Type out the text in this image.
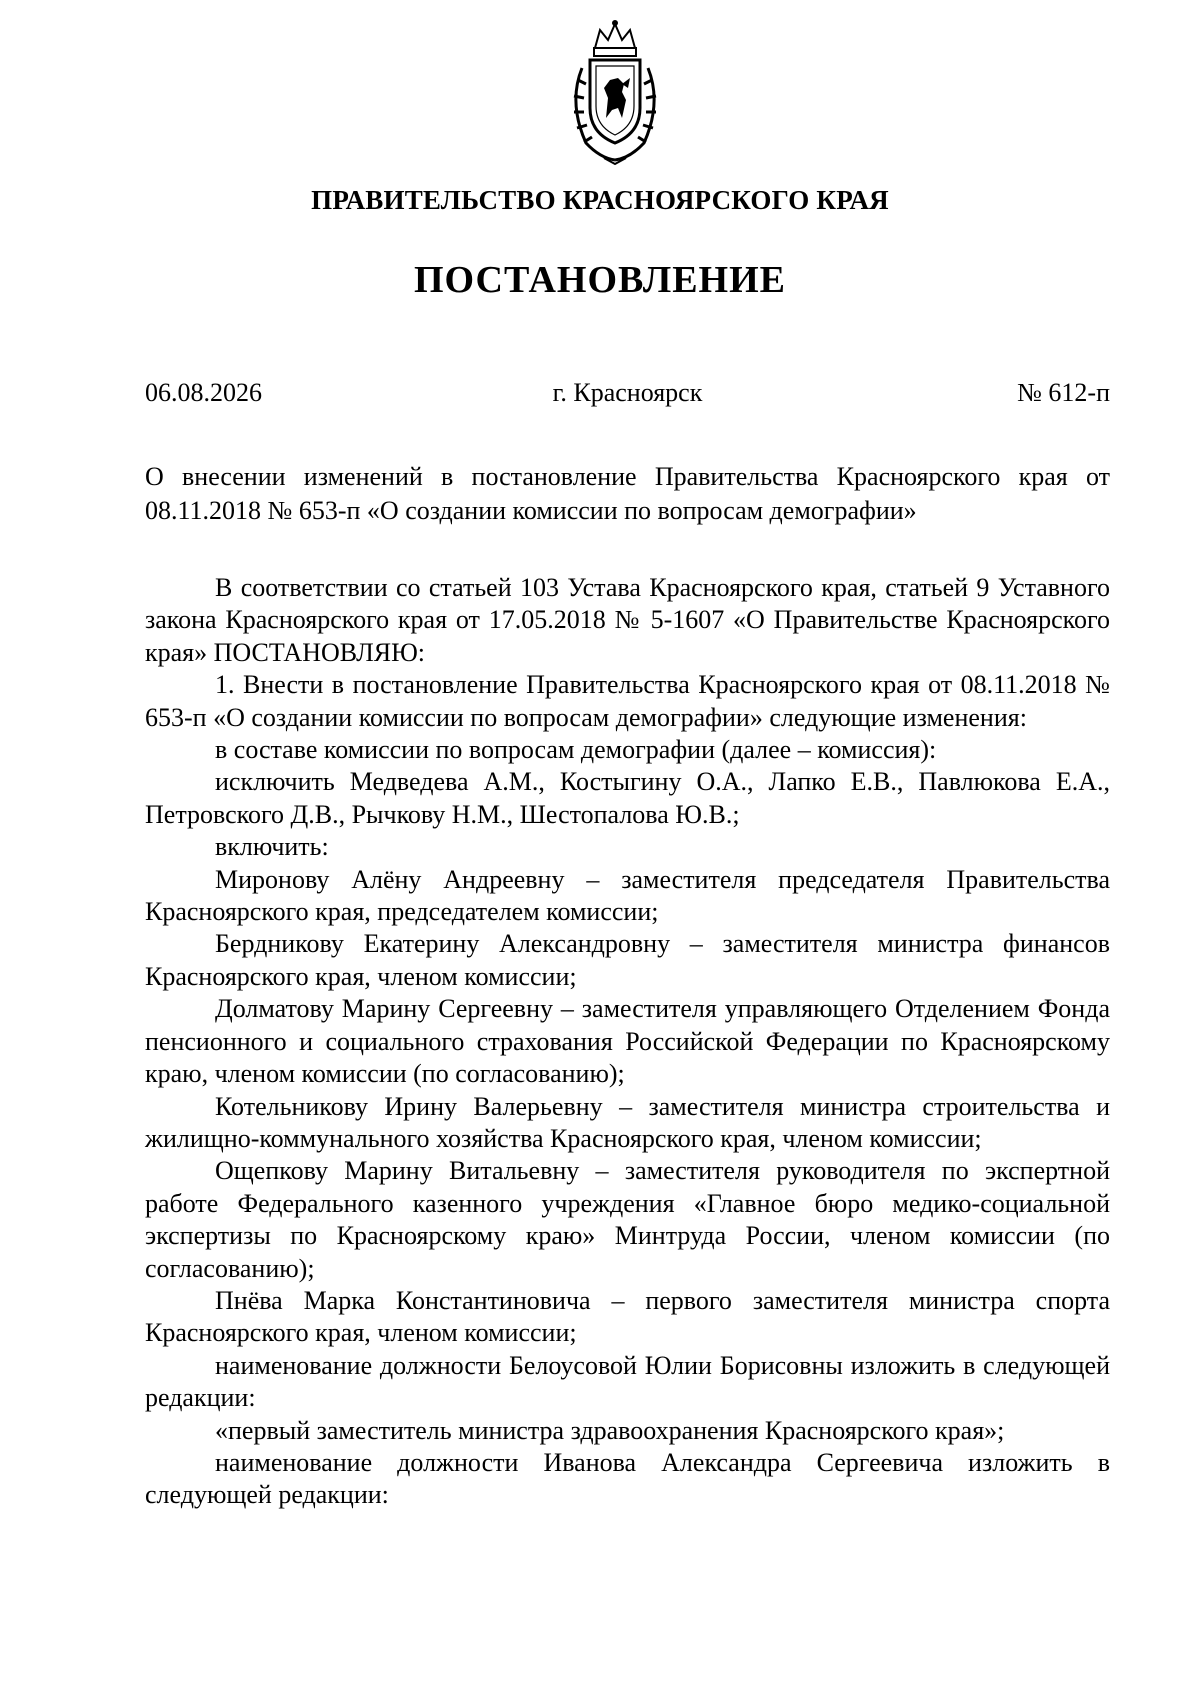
ПРАВИТЕЛЬСТВО КРАСНОЯРСКОГО КРАЯ
ПОСТАНОВЛЕНИЕ
06.08.2026	г. Красноярск	№ 612-п
О внесении изменений в постановление Правительства Красноярского края от 08.11.2018 № 653-п «О создании комиссии по вопросам демографии»

В соответствии со статьей 103 Устава Красноярского края, статьей 9 Уставного закона Красноярского края от 17.05.2018 № 5-1607 «О Правительстве Красноярского края» ПОСТАНОВЛЯЮ:

1. Внести в постановление Правительства Красноярского края от 08.11.2018 № 653-п «О создании комиссии по вопросам демографии» следующие изменения:

в составе комиссии по вопросам демографии (далее – комиссия):

исключить Медведева А.М., Костыгину О.А., Лапко Е.В., Павлюкова Е.А., Петровского Д.В., Рычкову Н.М., Шестопалова Ю.В.;

включить:

Миронову Алёну Андреевну – заместителя председателя Правительства Красноярского края, председателем комиссии;

Бердникову Екатерину Александровну – заместителя министра финансов Красноярского края, членом комиссии;

Долматову Марину Сергеевну – заместителя управляющего Отделением Фонда пенсионного и социального страхования Российской Федерации по Красноярскому краю, членом комиссии (по согласованию);

Котельникову Ирину Валерьевну – заместителя министра строительства и жилищно-коммунального хозяйства Красноярского края, членом комиссии;

Ощепкову Марину Витальевну – заместителя руководителя по экспертной работе Федерального казенного учреждения «Главное бюро медико-социальной экспертизы по Красноярскому краю» Минтруда России, членом комиссии (по согласованию);

Пнёва Марка Константиновича – первого заместителя министра спорта Красноярского края, членом комиссии;

наименование должности Белоусовой Юлии Борисовны изложить в следующей редакции:

«первый заместитель министра здравоохранения Красноярского края»;

наименование должности Иванова Александра Сергеевича изложить в следующей редакции:
